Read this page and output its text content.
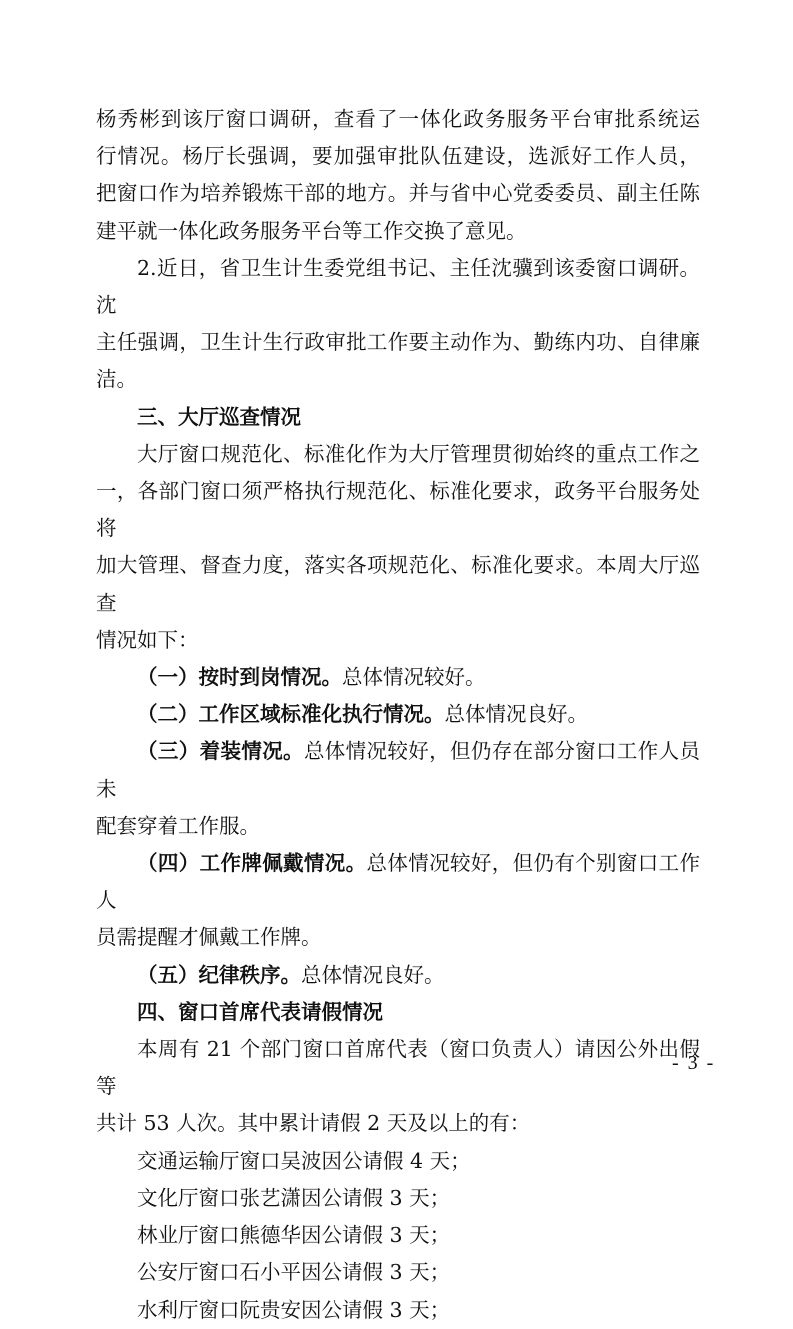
杨秀彬到该厅窗口调研，查看了一体化政务服务平台审批系统运

行情况。杨厅长强调，要加强审批队伍建设，选派好工作人员，

把窗口作为培养锻炼干部的地方。并与省中心党委委员、副主任陈

建平就一体化政务服务平台等工作交换了意见。

2.近日，省卫生计生委党组书记、主任沈骥到该委窗口调研。沈

主任强调，卫生计生行政审批工作要主动作为、勤练内功、自律廉洁。

三、大厅巡查情况

大厅窗口规范化、标准化作为大厅管理贯彻始终的重点工作之

一，各部门窗口须严格执行规范化、标准化要求，政务平台服务处将

加大管理、督查力度，落实各项规范化、标准化要求。本周大厅巡查

情况如下：

（一）按时到岗情况。总体情况较好。

（二）工作区域标准化执行情况。总体情况良好。

（三）着装情况。总体情况较好，但仍存在部分窗口工作人员未

配套穿着工作服。

（四）工作牌佩戴情况。总体情况较好，但仍有个别窗口工作人

员需提醒才佩戴工作牌。

（五）纪律秩序。总体情况良好。

四、窗口首席代表请假情况

本周有 21 个部门窗口首席代表（窗口负责人）请因公外出假等

共计 53 人次。其中累计请假 2 天及以上的有：

交通运输厅窗口吴波因公请假 4 天；

文化厅窗口张艺潇因公请假 3 天；

林业厅窗口熊德华因公请假 3 天；

公安厅窗口石小平因公请假 3 天；

水利厅窗口阮贵安因公请假 3 天；

- 3 -
